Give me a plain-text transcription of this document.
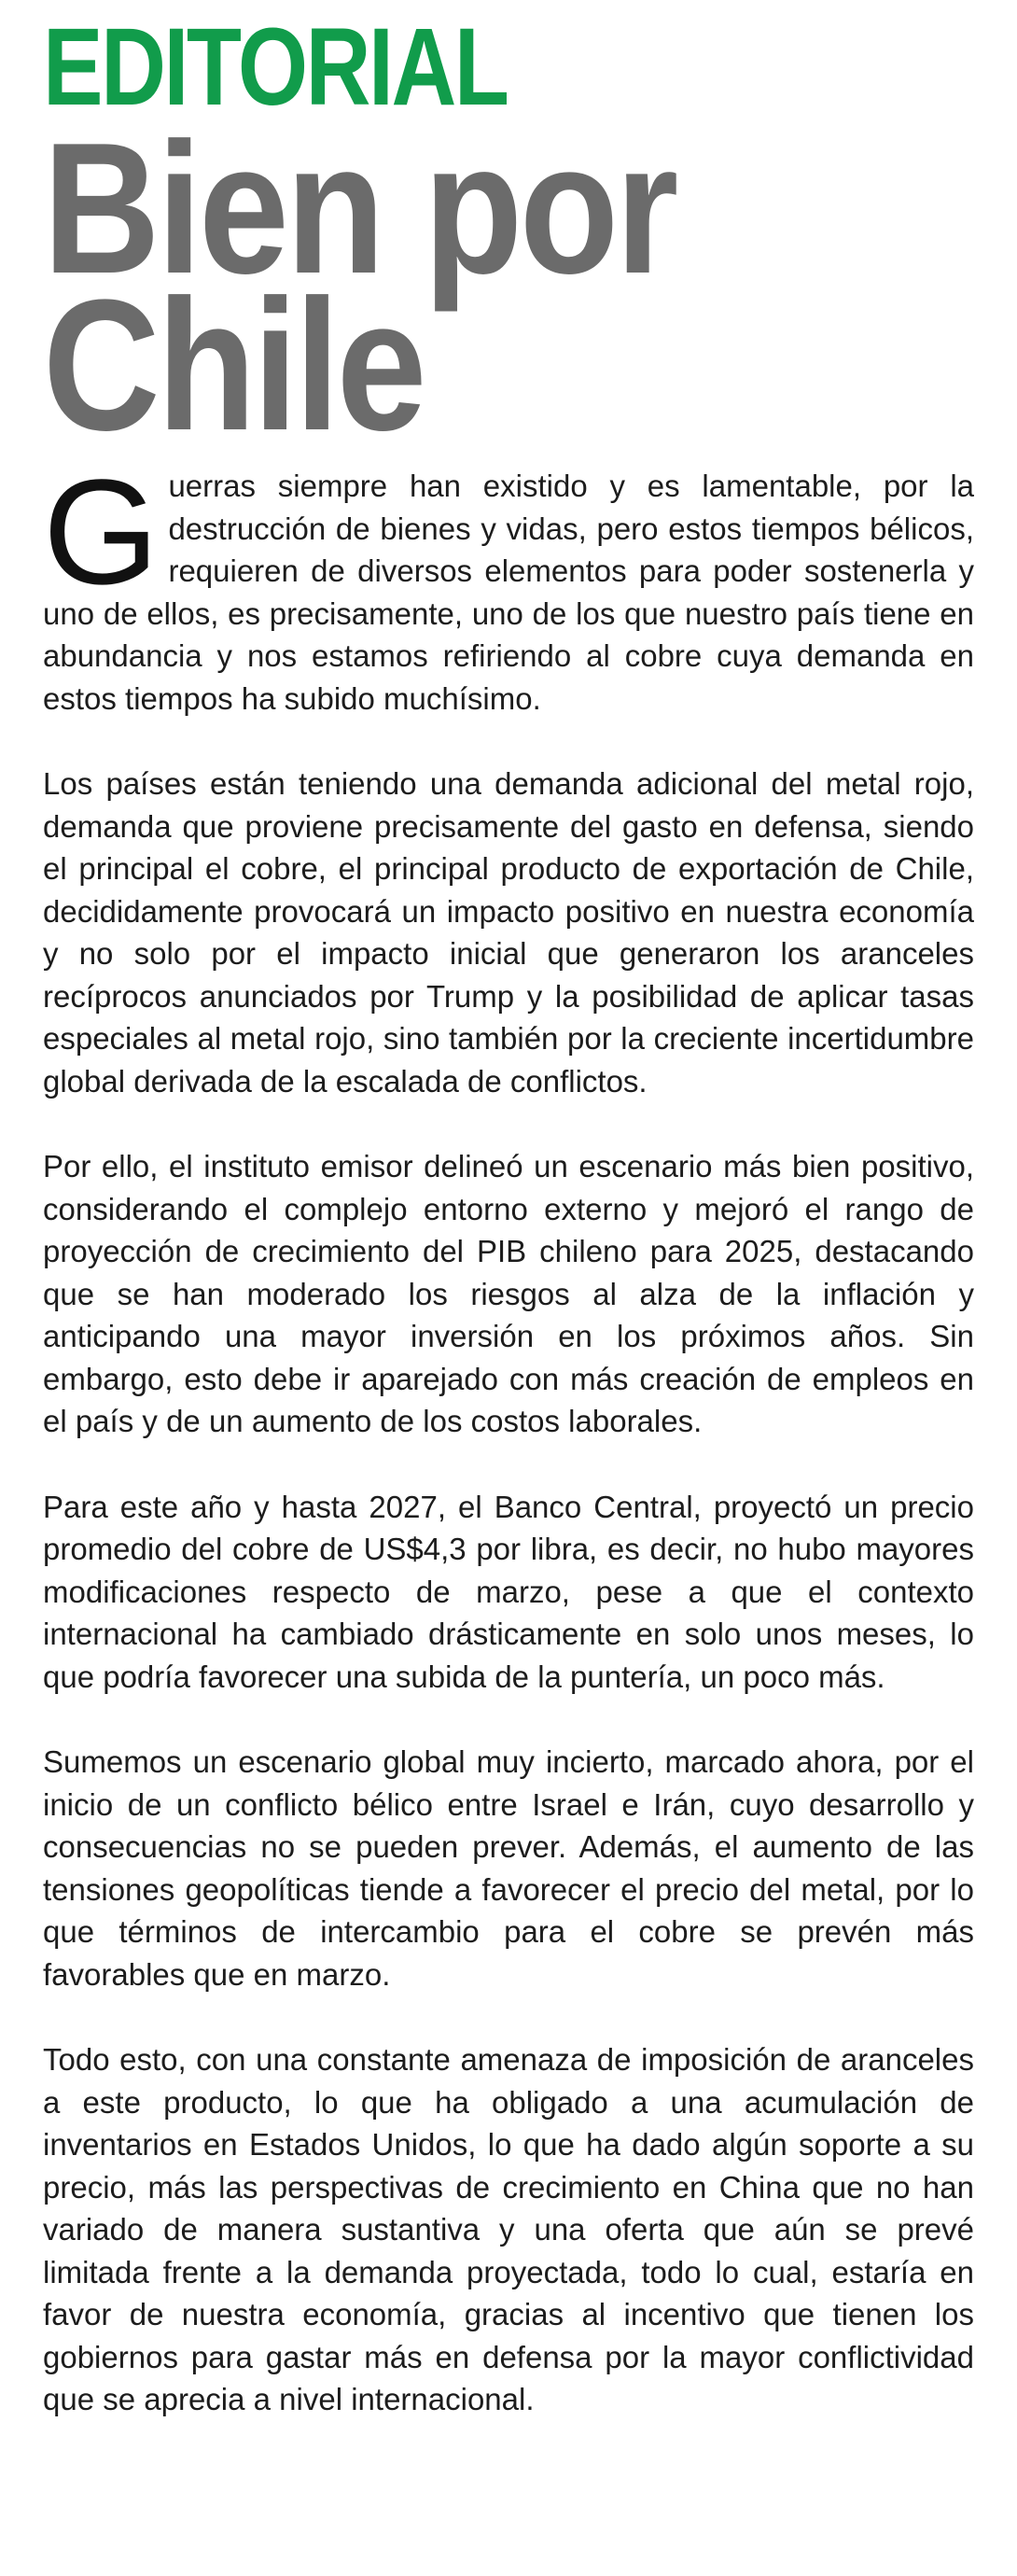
EDITORIAL
Bien por
Chile

Guerras siempre han existido y es lamentable, por la destrucción de bienes y vidas, pero estos tiempos bélicos, requieren de diversos elementos para poder sostenerla y uno de ellos, es precisamente, uno de los que nuestro país tiene en abundancia y nos estamos refiriendo al cobre cuya demanda en estos tiempos ha subido muchísimo.

Los países están teniendo una demanda adicional del metal rojo, demanda que proviene precisamente del gasto en defensa, siendo el principal el cobre, el principal producto de exportación de Chile, decididamente provocará un impacto positivo en nuestra economía y no solo por el impacto inicial que generaron los aranceles recíprocos anunciados por Trump y la posibilidad de aplicar tasas especiales al metal rojo, sino también por la creciente incertidumbre global derivada de la escalada de conflictos.

Por ello, el instituto emisor delineó un escenario más bien positivo, considerando el complejo entorno externo y mejoró el rango de proyección de crecimiento del PIB chileno para 2025, destacando que se han moderado los riesgos al alza de la inflación y anticipando una mayor inversión en los próximos años. Sin embargo, esto debe ir aparejado con más creación de empleos en el país y de un aumento de los costos laborales.

Para este año y hasta 2027, el Banco Central, proyectó un precio promedio del cobre de US$4,3 por libra, es decir, no hubo mayores modificaciones respecto de marzo, pese a que el contexto internacional ha cambiado drásticamente en solo unos meses, lo que podría favorecer una subida de la puntería, un poco más.

Sumemos un escenario global muy incierto, marcado ahora, por el inicio de un conflicto bélico entre Israel e Irán, cuyo desarrollo y consecuencias no se pueden prever. Además, el aumento de las tensiones geopolíticas tiende a favorecer el precio del metal, por lo que términos de intercambio para el cobre se prevén más favorables que en marzo.

Todo esto, con una constante amenaza de imposición de aranceles a este producto, lo que ha obligado a una acumulación de inventarios en Estados Unidos, lo que ha dado algún soporte a su precio, más las perspectivas de crecimiento en China que no han variado de manera sustantiva y una oferta que aún se prevé limitada frente a la demanda proyectada, todo lo cual, estaría en favor de nuestra economía, gracias al incentivo que tienen los gobiernos para gastar más en defensa por la mayor conflictividad que se aprecia a nivel internacional.
